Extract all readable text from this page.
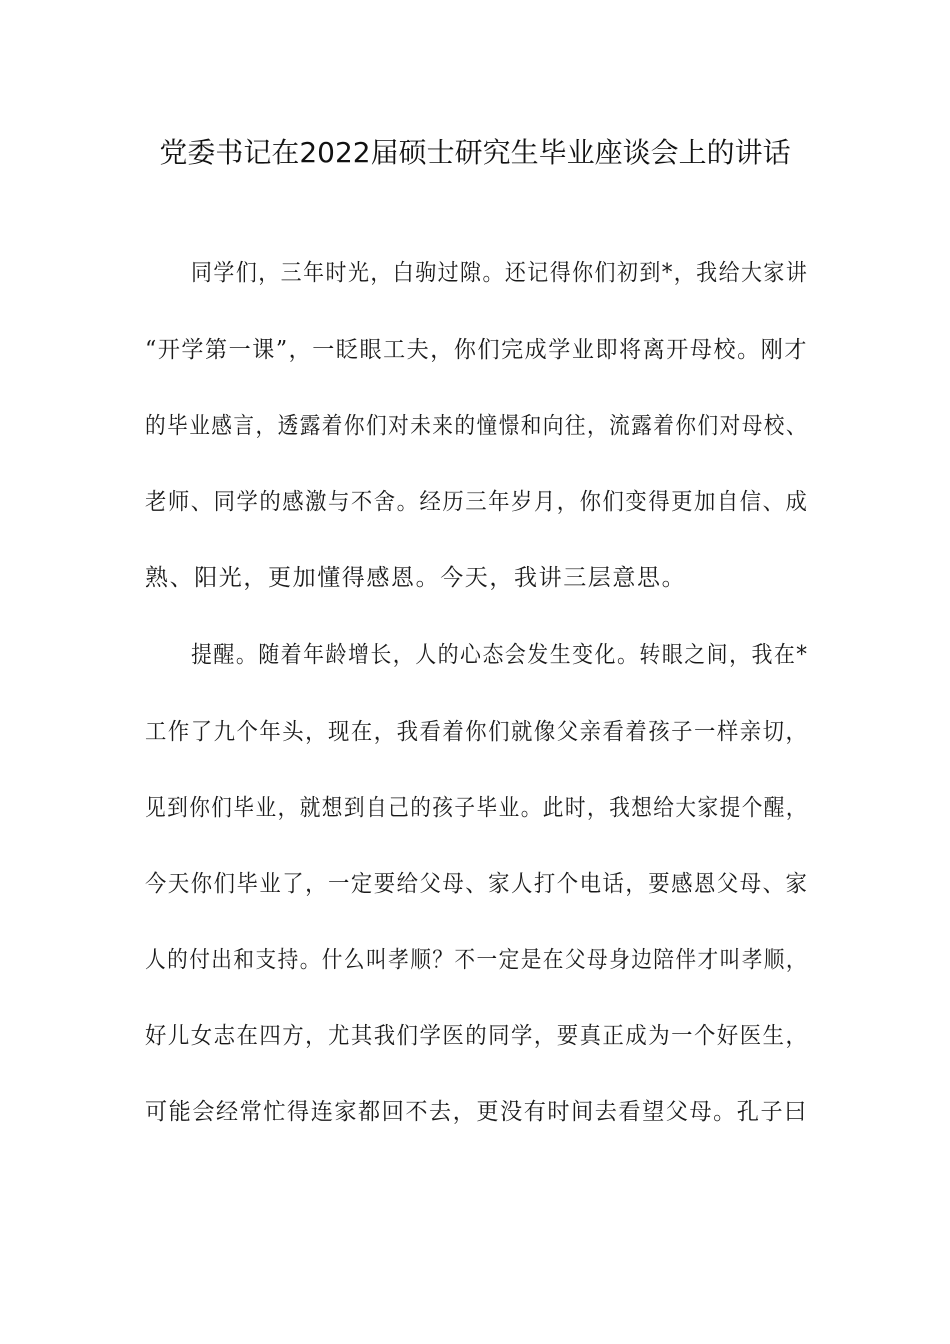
党委书记在2022届硕士研究生毕业座谈会上的讲话
同学们，三年时光，白驹过隙。还记得你们初到*，我给大家讲
“开学第一课”，一眨眼工夫，你们完成学业即将离开母校。刚才
的毕业感言，透露着你们对未来的憧憬和向往，流露着你们对母校、
老师、同学的感激与不舍。经历三年岁月，你们变得更加自信、成
熟、阳光，更加懂得感恩。今天，我讲三层意思。
提醒。随着年龄增长，人的心态会发生变化。转眼之间，我在*
工作了九个年头，现在，我看着你们就像父亲看着孩子一样亲切，
见到你们毕业，就想到自己的孩子毕业。此时，我想给大家提个醒，
今天你们毕业了，一定要给父母、家人打个电话，要感恩父母、家
人的付出和支持。什么叫孝顺？不一定是在父母身边陪伴才叫孝顺，
好儿女志在四方，尤其我们学医的同学，要真正成为一个好医生，
可能会经常忙得连家都回不去，更没有时间去看望父母。孔子曰
